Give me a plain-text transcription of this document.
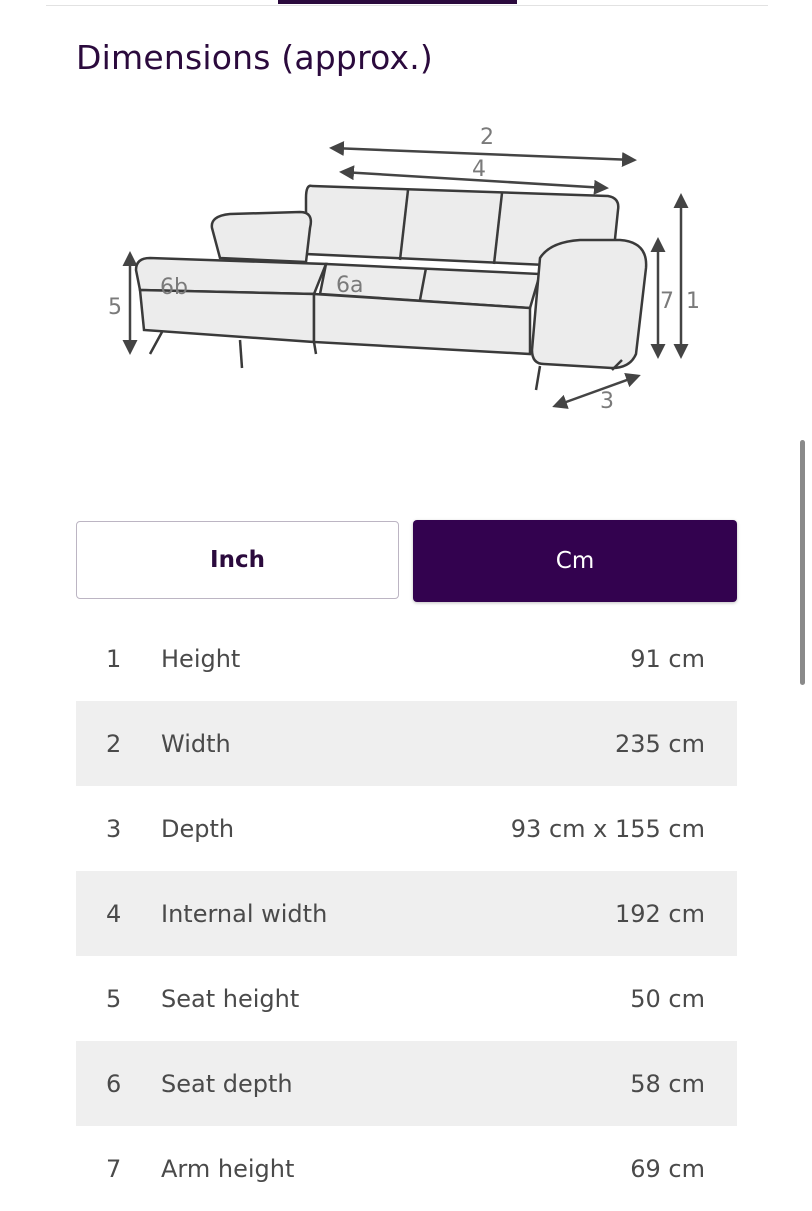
Dimensions (approx.)
2
4
1
7
5
3
6a
6b
Inch	Cm
1	Height	91 cm
2	Width	235 cm
3	Depth	93 cm x 155 cm
4	Internal width	192 cm
5	Seat height	50 cm
6	Seat depth	58 cm
7	Arm height	69 cm
